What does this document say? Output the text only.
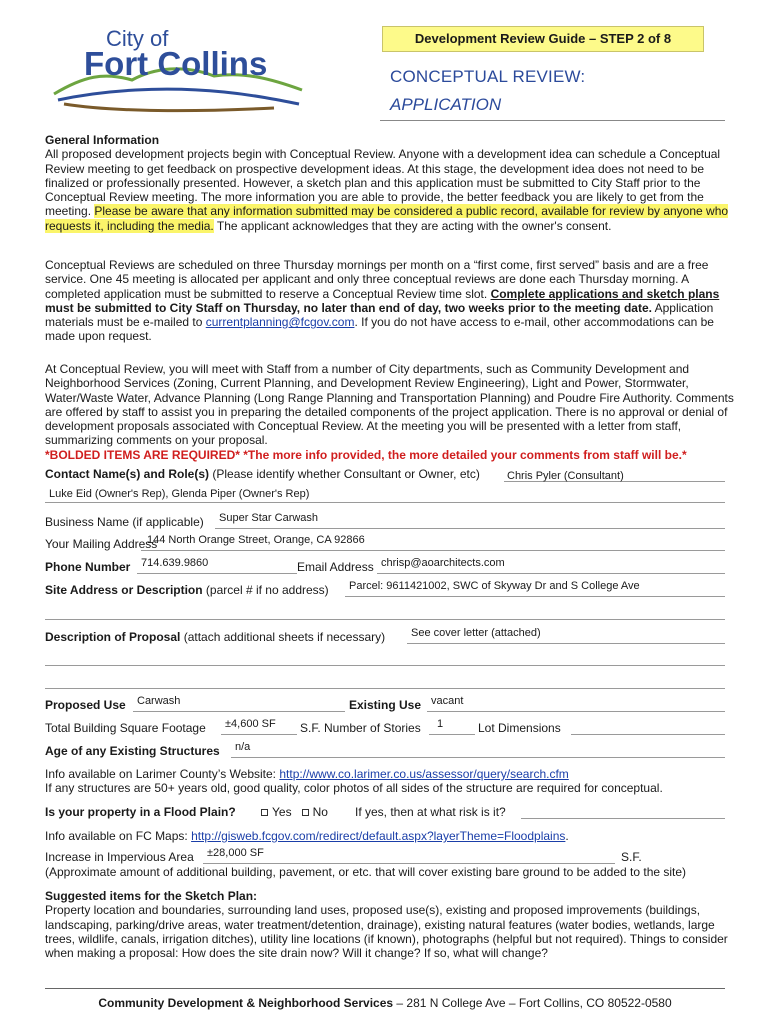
City of
Fort Collins
Development Review Guide – STEP 2 of 8
CONCEPTUAL REVIEW:
APPLICATION
General Information
All proposed development projects begin with Conceptual Review. Anyone with a development idea can schedule a Conceptual Review meeting to get feedback on prospective development ideas. At this stage, the development idea does not need to be finalized or professionally presented. However, a sketch plan and this application must be submitted to City Staff prior to the Conceptual Review meeting. The more information you are able to provide, the better feedback you are likely to get from the meeting. Please be aware that any information submitted may be considered a public record, available for review by anyone who requests it, including the media. The applicant acknowledges that they are acting with the owner's consent.
Conceptual Reviews are scheduled on three Thursday mornings per month on a “first come, first served” basis and are a free service. One 45 meeting is allocated per applicant and only three conceptual reviews are done each Thursday morning. A completed application must be submitted to reserve a Conceptual Review time slot. Complete applications and sketch plans must be submitted to City Staff on Thursday, no later than end of day, two weeks prior to the meeting date. Application materials must be e-mailed to currentplanning@fcgov.com. If you do not have access to e-mail, other accommodations can be made upon request.
At Conceptual Review, you will meet with Staff from a number of City departments, such as Community Development and Neighborhood Services (Zoning, Current Planning, and Development Review Engineering), Light and Power, Stormwater, Water/Waste Water, Advance Planning (Long Range Planning and Transportation Planning) and Poudre Fire Authority. Comments are offered by staff to assist you in preparing the detailed components of the project application. There is no approval or denial of development proposals associated with Conceptual Review. At the meeting you will be presented with a letter from staff, summarizing comments on your proposal.
*BOLDED ITEMS ARE REQUIRED* *The more info provided, the more detailed your comments from staff will be.*
Contact Name(s) and Role(s) (Please identify whether Consultant or Owner, etc) Chris Pyler (Consultant)
Luke Eid (Owner's Rep), Glenda Piper (Owner's Rep)
Business Name (if applicable) Super Star Carwash
Your Mailing Address
144 North Orange Street, Orange, CA 92866
Phone Number 714.639.9860	Email Address chrisp@aoarchitects.com
Site Address or Description (parcel # if no address) Parcel: 9611421002, SWC of Skyway Dr and S College Ave
Description of Proposal (attach additional sheets if necessary) See cover letter (attached)
Proposed Use Carwash	Existing Use vacant
Total Building Square Footage ±4,600 SF S.F. Number of Stories 1	Lot Dimensions
Age of any Existing Structures n/a
Info available on Larimer County’s Website: http://www.co.larimer.co.us/assessor/query/search.cfm
If any structures are 50+ years old, good quality, color photos of all sides of the structure are required for conceptual.
Is your property in a Flood Plain?	Yes No If yes, then at what risk is it?
Info available on FC Maps: http://gisweb.fcgov.com/redirect/default.aspx?layerTheme=Floodplains.
Increase in Impervious Area ±28,000 SF	S.F.
(Approximate amount of additional building, pavement, or etc. that will cover existing bare ground to be added to the site)
Suggested items for the Sketch Plan:
Property location and boundaries, surrounding land uses, proposed use(s), existing and proposed improvements (buildings, landscaping, parking/drive areas, water treatment/detention, drainage), existing natural features (water bodies, wetlands, large trees, wildlife, canals, irrigation ditches), utility line locations (if known), photographs (helpful but not required). Things to consider when making a proposal: How does the site drain now? Will it change? If so, what will change?
Community Development & Neighborhood Services – 281 N College Ave – Fort Collins, CO 80522-0580
